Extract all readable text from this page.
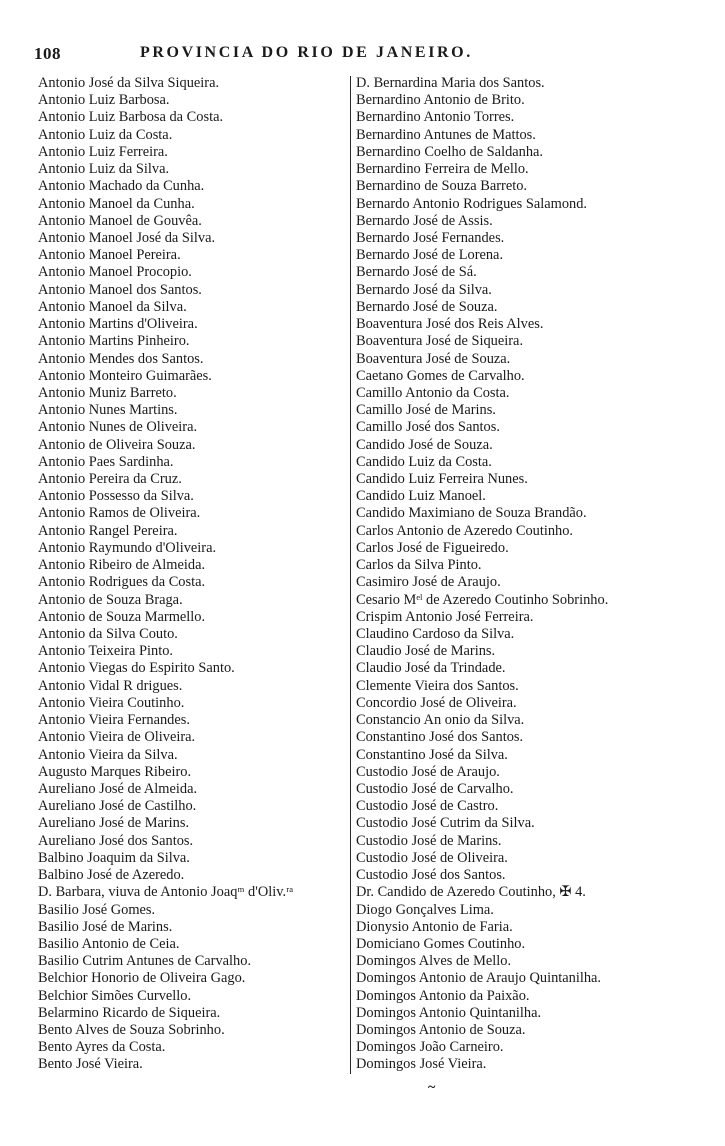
108	PROVINCIA DO RIO DE JANEIRO.
Antonio José da Silva Siqueira.
Antonio Luiz Barbosa.
Antonio Luiz Barbosa da Costa.
Antonio Luiz da Costa.
Antonio Luiz Ferreira.
Antonio Luiz da Silva.
Antonio Machado da Cunha.
Antonio Manoel da Cunha.
Antonio Manoel de Gouvêa.
Antonio Manoel José da Silva.
Antonio Manoel Pereira.
Antonio Manoel Procopio.
Antonio Manoel dos Santos.
Antonio Manoel da Silva.
Antonio Martins d'Oliveira.
Antonio Martins Pinheiro.
Antonio Mendes dos Santos.
Antonio Monteiro Guimarães.
Antonio Muniz Barreto.
Antonio Nunes Martins.
Antonio Nunes de Oliveira.
Antonio de Oliveira Souza.
Antonio Paes Sardinha.
Antonio Pereira da Cruz.
Antonio Possesso da Silva.
Antonio Ramos de Oliveira.
Antonio Rangel Pereira.
Antonio Raymundo d'Oliveira.
Antonio Ribeiro de Almeida.
Antonio Rodrigues da Costa.
Antonio de Souza Braga.
Antonio de Souza Marmello.
Antonio da Silva Couto.
Antonio Teixeira Pinto.
Antonio Viegas do Espirito Santo.
Antonio Vidal R drigues.
Antonio Vieira Coutinho.
Antonio Vieira Fernandes.
Antonio Vieira de Oliveira.
Antonio Vieira da Silva.
Augusto Marques Ribeiro.
Aureliano José de Almeida.
Aureliano José de Castilho.
Aureliano José de Marins.
Aureliano José dos Santos.
Balbino Joaquim da Silva.
Balbino José de Azeredo.
D. Barbara, viuva de Antonio Joaqᵐ d'Oliv.ʳᵃ
Basilio José Gomes.
Basilio José de Marins.
Basilio Antonio de Ceia.
Basilio Cutrim Antunes de Carvalho.
Belchior Honorio de Oliveira Gago.
Belchior Simões Curvello.
Belarmino Ricardo de Siqueira.
Bento Alves de Souza Sobrinho.
Bento Ayres da Costa.
Bento José Vieira.
D. Bernardina Maria dos Santos.
Bernardino Antonio de Brito.
Bernardino Antonio Torres.
Bernardino Antunes de Mattos.
Bernardino Coelho de Saldanha.
Bernardino Ferreira de Mello.
Bernardino de Souza Barreto.
Bernardo Antonio Rodrigues Salamond.
Bernardo José de Assis.
Bernardo José Fernandes.
Bernardo José de Lorena.
Bernardo José de Sá.
Bernardo José da Silva.
Bernardo José de Souza.
Boaventura José dos Reis Alves.
Boaventura José de Siqueira.
Boaventura José de Souza.
Caetano Gomes de Carvalho.
Camillo Antonio da Costa.
Camillo José de Marins.
Camillo José dos Santos.
Candido José de Souza.
Candido Luiz da Costa.
Candido Luiz Ferreira Nunes.
Candido Luiz Manoel.
Candido Maximiano de Souza Brandão.
Carlos Antonio de Azeredo Coutinho.
Carlos José de Figueiredo.
Carlos da Silva Pinto.
Casimiro José de Araujo.
Cesario Mᵉˡ de Azeredo Coutinho Sobrinho.
Crispim Antonio José Ferreira.
Claudino Cardoso da Silva.
Claudio José de Marins.
Claudio José da Trindade.
Clemente Vieira dos Santos.
Concordio José de Oliveira.
Constancio An onio da Silva.
Constantino José dos Santos.
Constantino José da Silva.
Custodio José de Araujo.
Custodio José de Carvalho.
Custodio José de Castro.
Custodio José Cutrim da Silva.
Custodio José de Marins.
Custodio José de Oliveira.
Custodio José dos Santos.
Dr. Candido de Azeredo Coutinho, ✠ 4.
Diogo Gonçalves Lima.
Dionysio Antonio de Faria.
Domiciano Gomes Coutinho.
Domingos Alves de Mello.
Domingos Antonio de Araujo Quintanilha.
Domingos Antonio da Paixão.
Domingos Antonio Quintanilha.
Domingos Antonio de Souza.
Domingos João Carneiro.
Domingos José Vieira.
~
